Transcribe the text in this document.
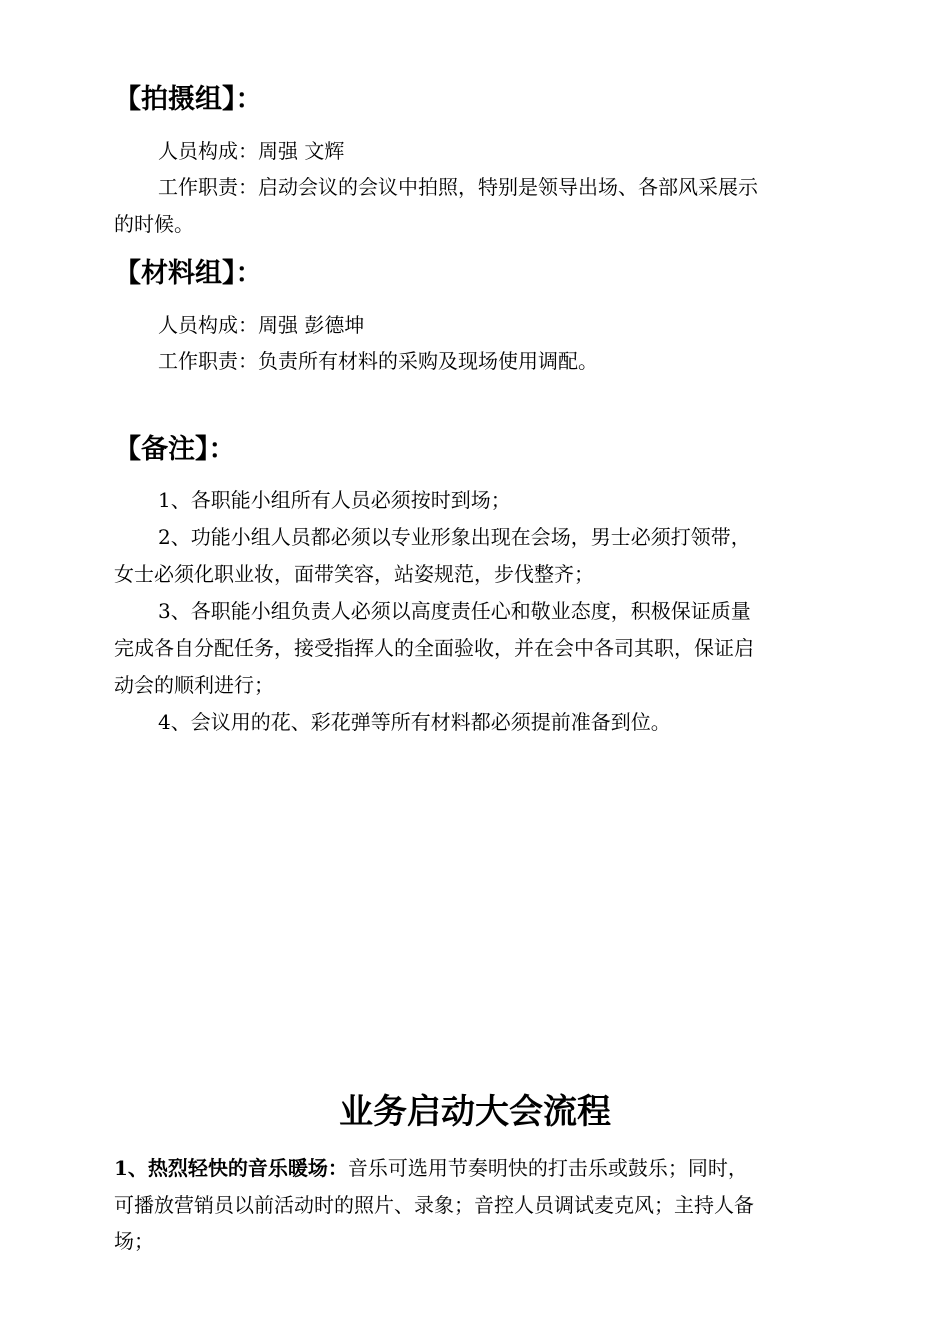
【拍摄组】：
人员构成：周强 文辉
工作职责：启动会议的会议中拍照，特别是领导出场、各部风采展示
的时候。
【材料组】：
人员构成：周强 彭德坤
工作职责：负责所有材料的采购及现场使用调配。
【备注】：
1、各职能小组所有人员必须按时到场；
2、功能小组人员都必须以专业形象出现在会场，男士必须打领带，
女士必须化职业妆，面带笑容，站姿规范，步伐整齐；
3、各职能小组负责人必须以高度责任心和敬业态度，积极保证质量
完成各自分配任务，接受指挥人的全面验收，并在会中各司其职，保证启
动会的顺利进行；
4、会议用的花、彩花弹等所有材料都必须提前准备到位。
业务启动大会流程
1、热烈轻快的音乐暖场：音乐可选用节奏明快的打击乐或鼓乐；同时，
可播放营销员以前活动时的照片、录象；音控人员调试麦克风；主持人备
场；
